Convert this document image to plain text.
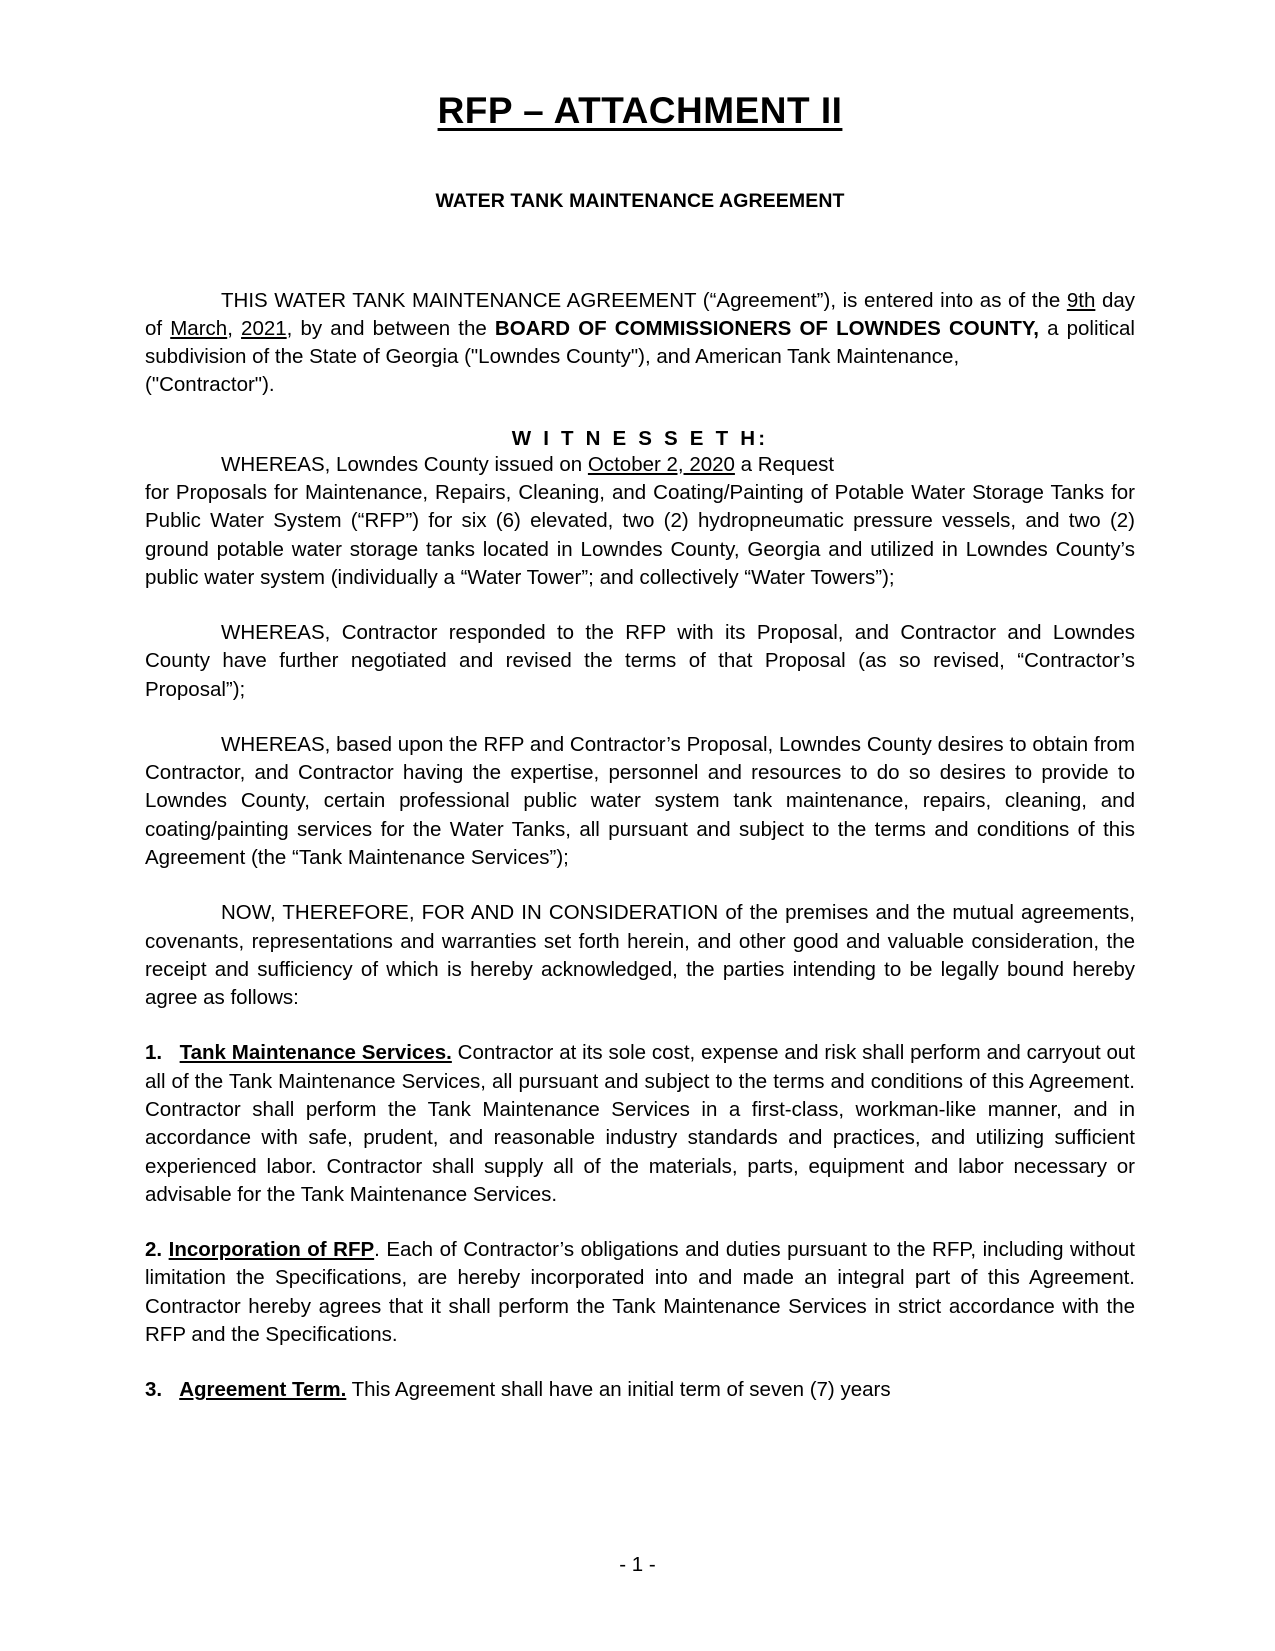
RFP – ATTACHMENT II
WATER TANK MAINTENANCE AGREEMENT

THIS WATER TANK MAINTENANCE AGREEMENT (“Agreement”), is entered into as of the 9th day of March, 2021, by and between the BOARD OF COMMISSIONERS OF LOWNDES COUNTY, a political subdivision of the State of Georgia ("Lowndes County"), and American Tank Maintenance,

("Contractor").

W I T N E S S E T H:

WHEREAS, Lowndes County issued on October 2, 2020 a Request

for Proposals for Maintenance, Repairs, Cleaning, and Coating/Painting of Potable Water Storage Tanks for Public Water System (“RFP”) for six (6) elevated, two (2) hydropneumatic pressure vessels, and two (2) ground potable water storage tanks located in Lowndes County, Georgia and utilized in Lowndes County’s public water system (individually a “Water Tower”; and collectively “Water Towers”);

WHEREAS, Contractor responded to the RFP with its Proposal, and Contractor and Lowndes County have further negotiated and revised the terms of that Proposal (as so revised, “Contractor’s Proposal”);

WHEREAS, based upon the RFP and Contractor’s Proposal, Lowndes County desires to obtain from Contractor, and Contractor having the expertise, personnel and resources to do so desires to provide to Lowndes County, certain professional public water system tank maintenance, repairs, cleaning, and coating/painting services for the Water Tanks, all pursuant and subject to the terms and conditions of this Agreement (the “Tank Maintenance Services”);

NOW, THEREFORE, FOR AND IN CONSIDERATION of the premises and the mutual agreements, covenants, representations and warranties set forth herein, and other good and valuable consideration, the receipt and sufficiency of which is hereby acknowledged, the parties intending to be legally bound hereby agree as follows:

1. Tank Maintenance Services. Contractor at its sole cost, expense and risk shall perform and carryout out all of the Tank Maintenance Services, all pursuant and subject to the terms and conditions of this Agreement. Contractor shall perform the Tank Maintenance Services in a first-class, workman-like manner, and in accordance with safe, prudent, and reasonable industry standards and practices, and utilizing sufficient experienced labor. Contractor shall supply all of the materials, parts, equipment and labor necessary or advisable for the Tank Maintenance Services.

2. Incorporation of RFP. Each of Contractor’s obligations and duties pursuant to the RFP, including without limitation the Specifications, are hereby incorporated into and made an integral part of this Agreement. Contractor hereby agrees that it shall perform the Tank Maintenance Services in strict accordance with the RFP and the Specifications.

3. Agreement Term. This Agreement shall have an initial term of seven (7) years

- 1 -
